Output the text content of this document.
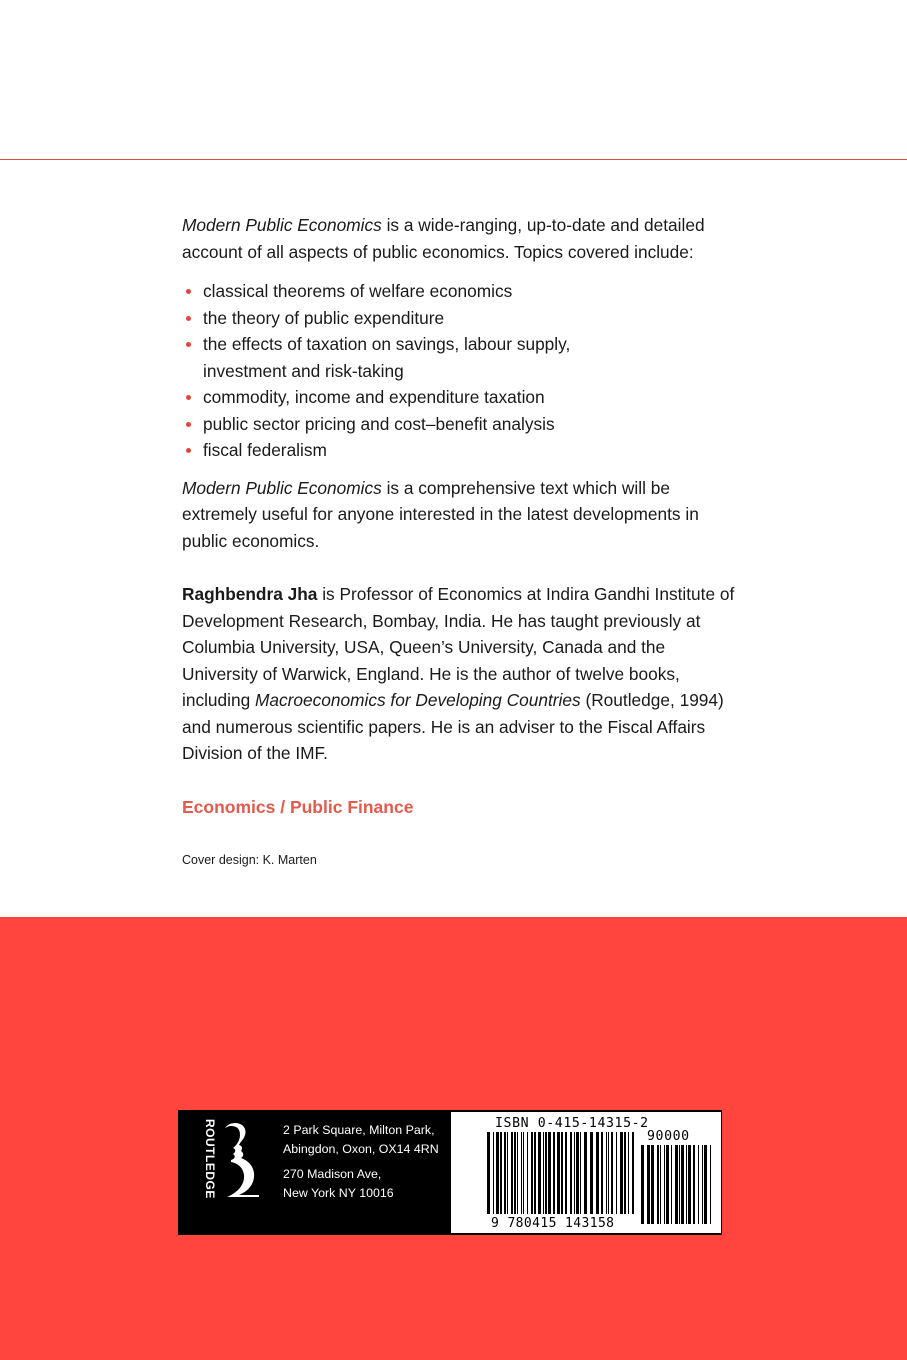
Modern Public Economics is a wide-ranging, up-to-date and detailed account of all aspects of public economics. Topics covered include:

classical theorems of welfare economics
the theory of public expenditure
the effects of taxation on savings, labour supply, investment and risk-taking
commodity, income and expenditure taxation
public sector pricing and cost–benefit analysis
fiscal federalism

Modern Public Economics is a comprehensive text which will be extremely useful for anyone interested in the latest developments in public economics.

Raghbendra Jha is Professor of Economics at Indira Gandhi Institute of Development Research, Bombay, India. He has taught previously at Columbia University, USA, Queen’s University, Canada and the University of Warwick, England. He is the author of twelve books, including Macroeconomics for Developing Countries (Routledge, 1994) and numerous scientific papers. He is an adviser to the Fiscal Affairs Division of the IMF.

Economics / Public Finance

Cover design: K. Marten

ROUTLEDGE	2 Park Square, Milton Park,
Abingdon, Oxon, OX14 4RN
270 Madison Ave,
New York NY 10016
ISBN 0-415-14315-2
90000
9 780415 143158
